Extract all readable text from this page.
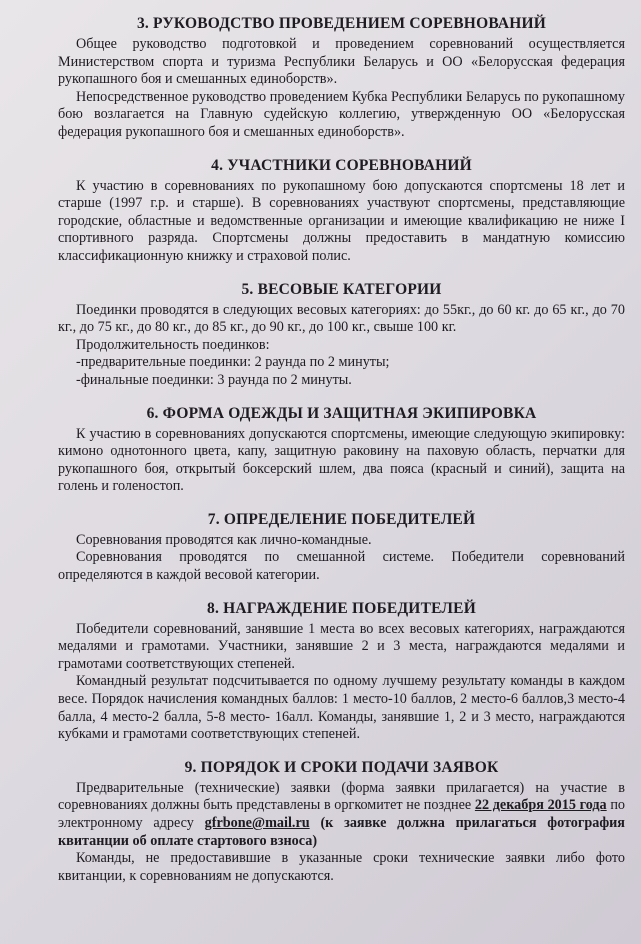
3. РУКОВОДСТВО ПРОВЕДЕНИЕМ СОРЕВНОВАНИЙ

Общее руководство подготовкой и проведением соревнований осуществляется Министерством спорта и туризма Республики Беларусь и ОО «Белорусская федерация рукопашного боя и смешанных единоборств».

Непосредственное руководство проведением Кубка Республики Беларусь по рукопашному бою возлагается на Главную судейскую коллегию, утвержденную ОО «Белорусская федерация рукопашного боя и смешанных единоборств».

4. УЧАСТНИКИ СОРЕВНОВАНИЙ

К участию в соревнованиях по рукопашному бою допускаются спортсмены 18 лет и старше (1997 г.р. и старше). В соревнованиях участвуют спортсмены, представляющие городские, областные и ведомственные организации и имеющие квалификацию не ниже I спортивного разряда. Спортсмены должны предоставить в мандатную комиссию классификационную книжку и страховой полис.

5. ВЕСОВЫЕ КАТЕГОРИИ

Поединки проводятся в следующих весовых категориях: до 55кг., до 60 кг. до 65 кг., до 70 кг., до 75 кг., до 80 кг., до 85 кг., до 90 кг., до 100 кг., свыше 100 кг.

Продолжительность поединков:

-предварительные поединки: 2 раунда по 2 минуты;

-финальные поединки: 3 раунда по 2 минуты.

6. ФОРМА ОДЕЖДЫ И ЗАЩИТНАЯ ЭКИПИРОВКА

К участию в соревнованиях допускаются спортсмены, имеющие следующую экипировку: кимоно однотонного цвета, капу, защитную раковину на паховую область, перчатки для рукопашного боя, открытый боксерский шлем, два пояса (красный и синий), защита на голень и голеностоп.

7. ОПРЕДЕЛЕНИЕ ПОБЕДИТЕЛЕЙ

Соревнования проводятся как лично-командные.

Соревнования проводятся по смешанной системе. Победители соревнований определяются в каждой весовой категории.

8. НАГРАЖДЕНИЕ ПОБЕДИТЕЛЕЙ

Победители соревнований, занявшие 1 места во всех весовых категориях, награждаются медалями и грамотами. Участники, занявшие 2 и 3 места, награждаются медалями и грамотами соответствующих степеней.

Командный результат подсчитывается по одному лучшему результату команды в каждом весе. Порядок начисления командных баллов: 1 место-10 баллов, 2 место-6 баллов,3 место-4 балла, 4 место-2 балла, 5-8 место- 16алл. Команды, занявшие 1, 2 и 3 место, награждаются кубками и грамотами соответствующих степеней.

9. ПОРЯДОК И СРОКИ ПОДАЧИ ЗАЯВОК

Предварительные (технические) заявки (форма заявки прилагается) на участие в соревнованиях должны быть представлены в оргкомитет не позднее 22 декабря 2015 года по электронному адресу gfrbone@mail.ru (к заявке должна прилагаться фотография квитанции об оплате стартового взноса)

Команды, не предоставившие в указанные сроки технические заявки либо фото квитанции, к соревнованиям не допускаются.
